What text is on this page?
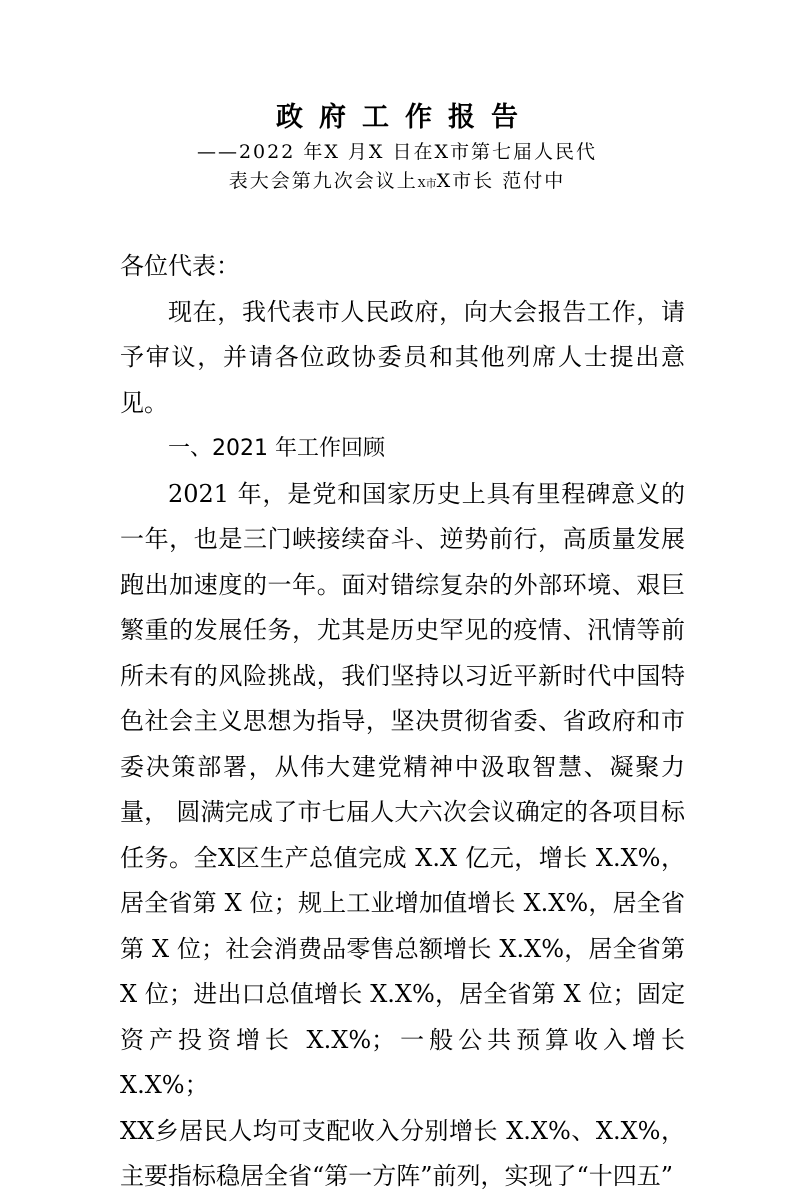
政府工作报告
——2022 年X 月X 日在X市第七届人民代
表大会第九次会议上X市X市长 范付中

各位代表：

现在，我代表市人民政府，向大会报告工作，请予审议，并请各位政协委员和其他列席人士提出意见。

一、2021 年工作回顾

2021 年，是党和国家历史上具有里程碑意义的一年，也是三门峡接续奋斗、逆势前行，高质量发展跑出加速度的一年。面对错综复杂的外部环境、艰巨繁重的发展任务，尤其是历史罕见的疫情、汛情等前所未有的风险挑战，我们坚持以习近平新时代中国特色社会主义思想为指导，坚决贯彻省委、省政府和市委决策部署，从伟大建党精神中汲取智慧、凝聚力量， 圆满完成了市七届人大六次会议确定的各项目标任务。全X区生产总值完成 X.X 亿元，增长 X.X%， 居全省第 X 位；规上工业增加值增长 X.X%，居全省第 X 位；社会消费品零售总额增长 X.X%，居全省第 X 位；进出口总值增长 X.X%，居全省第 X 位；固定资产投资增长 X.X%；一般公共预算收入增长 X.X%；

XX乡居民人均可支配收入分别增长 X.X%、X.X%，主要指标稳居全省“第一方阵”前列，实现了“十四五”
